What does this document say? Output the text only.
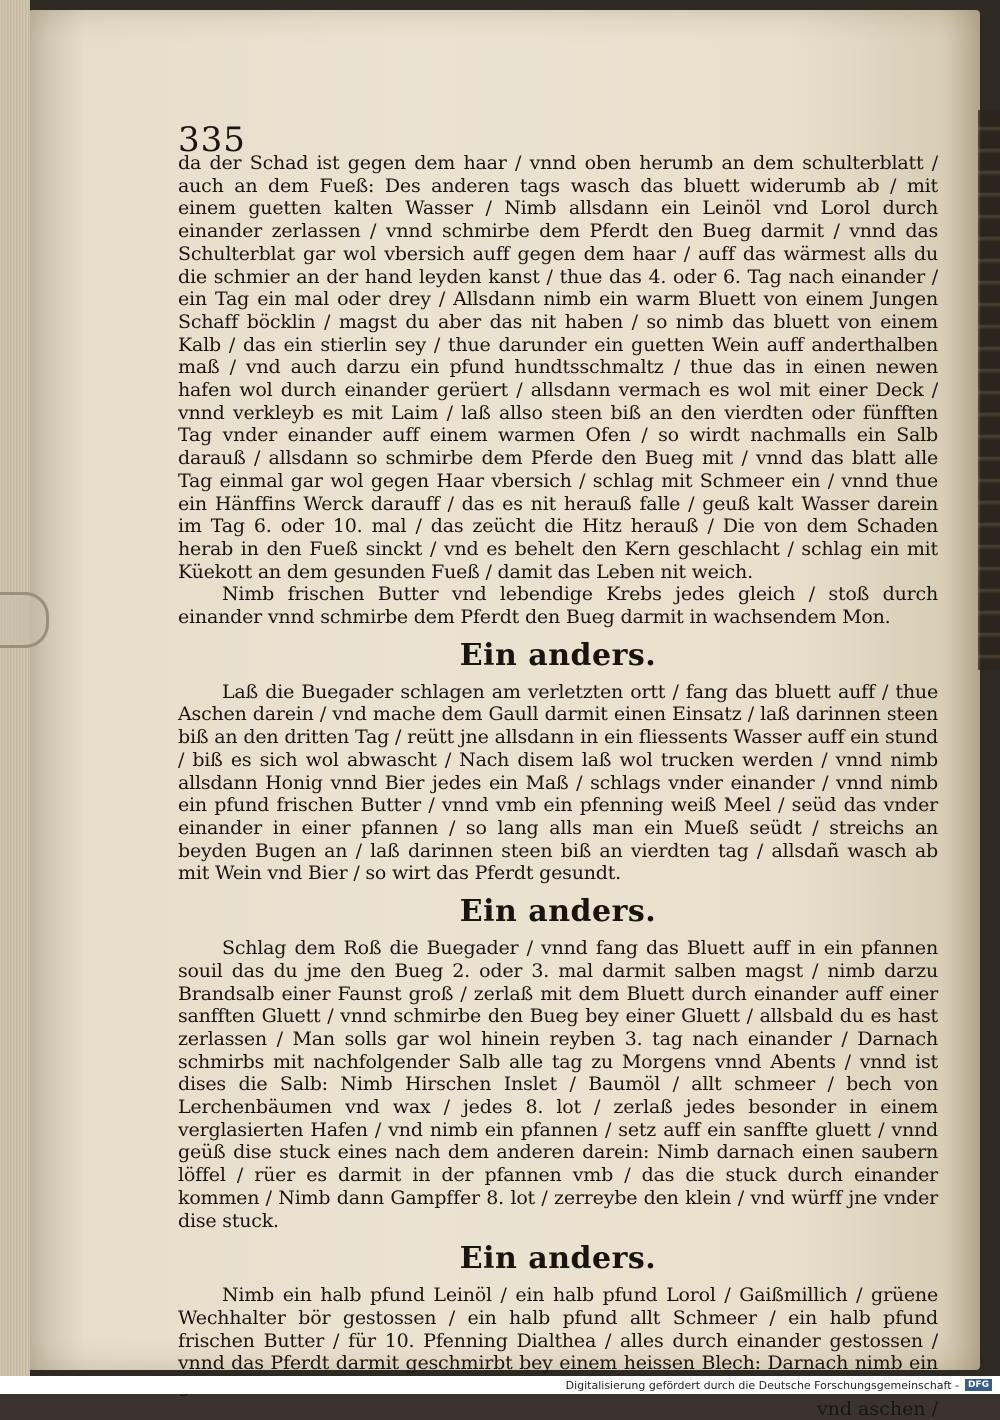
335

da der Schad ist gegen dem haar / vnnd oben herumb an dem schulterblatt / auch an dem Fueß: Des anderen tags wasch das bluett widerumb ab / mit einem guetten kalten Wasser / Nimb allsdann ein Leinöl vnd Lorol durch einander zerlassen / vnnd schmirbe dem Pferdt den Bueg darmit / vnnd das Schulterblat gar wol vbersich auff gegen dem haar / auff das wärmest alls du die schmier an der hand leyden kanst / thue das 4. oder 6. Tag nach einander / ein Tag ein mal oder drey / Allsdann nimb ein warm Bluett von einem Jungen Schaff böcklin / magst du aber das nit haben / so nimb das bluett von einem Kalb / das ein stierlin sey / thue darunder ein guetten Wein auff anderthalben maß / vnd auch darzu ein pfund hundtsschmaltz / thue das in einen newen hafen wol durch einander gerüert / allsdann vermach es wol mit einer Deck / vnnd verkleyb es mit Laim / laß allso steen biß an den vierdten oder fünfften Tag vnder einander auff einem warmen Ofen / so wirdt nachmalls ein Salb darauß / allsdann so schmirbe dem Pferde den Bueg mit / vnnd das blatt alle Tag einmal gar wol gegen Haar vbersich / schlag mit Schmeer ein / vnnd thue ein Hänffins Werck darauff / das es nit herauß falle / geuß kalt Wasser darein im Tag 6. oder 10. mal / das zeücht die Hitz herauß / Die von dem Schaden herab in den Fueß sinckt / vnd es behelt den Kern geschlacht / schlag ein mit Küekott an dem gesunden Fueß / damit das Leben nit weich.

Nimb frischen Butter vnd lebendige Krebs jedes gleich / stoß durch einander vnnd schmirbe dem Pferdt den Bueg darmit in wachsendem Mon.

Ein anders.

Laß die Buegader schlagen am verletzten ortt / fang das bluett auff / thue Aschen darein / vnd mache dem Gaull darmit einen Einsatz / laß darinnen steen biß an den dritten Tag / reütt jne allsdann in ein fliessents Wasser auff ein stund / biß es sich wol abwascht / Nach disem laß wol trucken werden / vnnd nimb allsdann Honig vnnd Bier jedes ein Maß / schlags vnder einander / vnnd nimb ein pfund frischen Butter / vnnd vmb ein pfenning weiß Meel / seüd das vnder einander in einer pfannen / so lang alls man ein Mueß seüdt / streichs an beyden Bugen an / laß darinnen steen biß an vierdten tag / allsdañ wasch ab mit Wein vnd Bier / so wirt das Pferdt gesundt.

Ein anders.

Schlag dem Roß die Buegader / vnnd fang das Bluett auff in ein pfannen souil das du jme den Bueg 2. oder 3. mal darmit salben magst / nimb darzu Brandsalb einer Faunst groß / zerlaß mit dem Bluett durch einander auff einer sanfften Gluett / vnnd schmirbe den Bueg bey einer Gluett / allsbald du es hast zerlassen / Man solls gar wol hinein reyben 3. tag nach einander / Darnach schmirbs mit nachfolgender Salb alle tag zu Morgens vnnd Abents / vnnd ist dises die Salb: Nimb Hirschen Inslet / Baumöl / allt schmeer / bech von Lerchenbäumen vnd wax / jedes 8. lot / zerlaß jedes besonder in einem verglasierten Hafen / vnd nimb ein pfannen / setz auff ein sanffte gluett / vnnd geüß dise stuck eines nach dem anderen darein: Nimb darnach einen saubern löffel / rüer es darmit in der pfannen vmb / das die stuck durch einander kommen / Nimb dann Gampffer 8. lot / zerreybe den klein / vnd würff jne vnder dise stuck.

Ein anders.

Nimb ein halb pfund Leinöl / ein halb pfund Lorol / Gaißmillich / grüene Wechhalter bör gestossen / ein halb pfund allt Schmeer / ein halb pfund frischen Butter / für 10. Pfenning Dialthea / alles durch einander gestossen / vnnd das Pferdt darmit geschmirbt bey einem heissen Blech: Darnach nimb ein

vnd aschen /
Digitalisierung gefördert durch die Deutsche Forschungsgemeinschaft -	DFG
